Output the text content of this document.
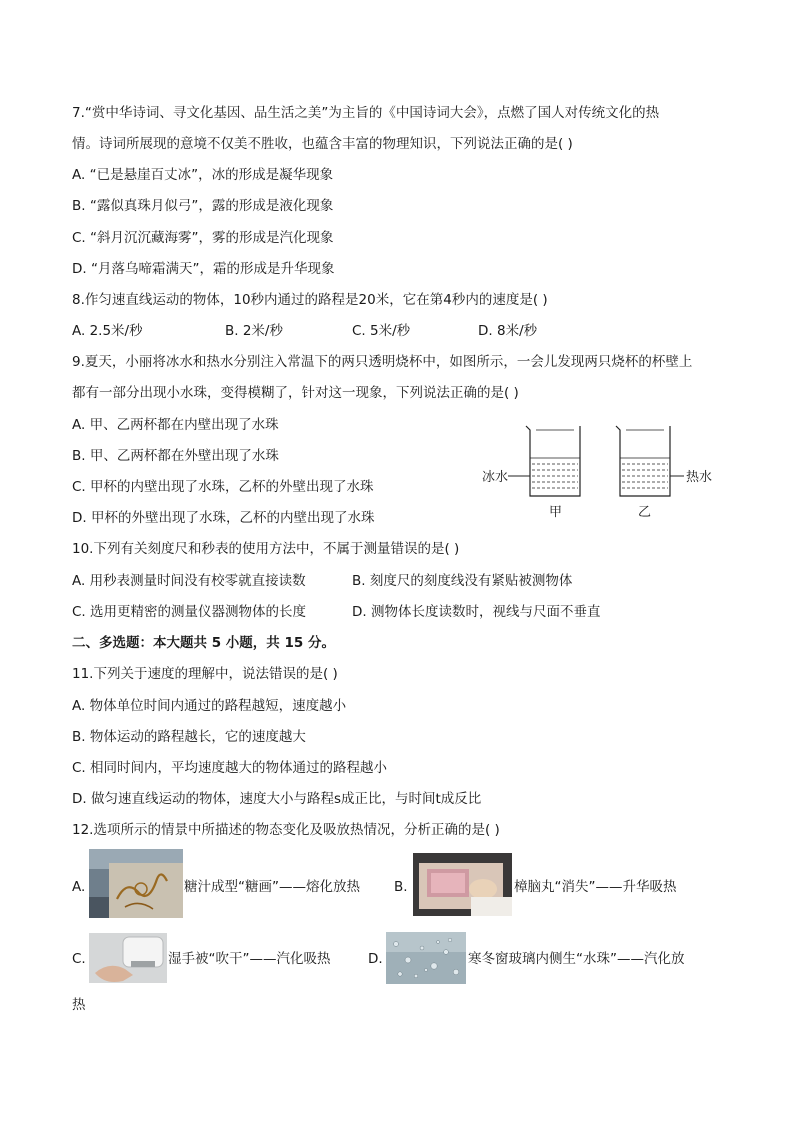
7.“赏中华诗词、寻文化基因、品生活之美”为主旨的《中国诗词大会》，点燃了国人对传统文化的热
情。诗词所展现的意境不仅美不胜收，也蕴含丰富的物理知识，下列说法正确的是( )
A. “已是悬崖百丈冰”，冰的形成是凝华现象
B. “露似真珠月似弓”，露的形成是液化现象
C. “斜月沉沉藏海雾”，雾的形成是汽化现象
D. “月落乌啼霜满天”，霜的形成是升华现象
8.作匀速直线运动的物体，10秒内通过的路程是20米，它在第4秒内的速度是( )
A. 2.5米/秒	B. 2米/秒	C. 5米/秒	D. 8米/秒
9.夏天，小丽将冰水和热水分别注入常温下的两只透明烧杯中，如图所示，一会儿发现两只烧杯的杯壁上
都有一部分出现小水珠，变得模糊了，针对这一现象，下列说法正确的是( )
A. 甲、乙两杯都在内壁出现了水珠
B. 甲、乙两杯都在外壁出现了水珠
C. 甲杯的内壁出现了水珠，乙杯的外壁出现了水珠
D. 甲杯的外壁出现了水珠，乙杯的内壁出现了水珠
冰水
甲
热水
乙
10.下列有关刻度尺和秒表的使用方法中，不属于测量错误的是( )
A. 用秒表测量时间没有校零就直接读数	B. 刻度尺的刻度线没有紧贴被测物体
C. 选用更精密的测量仪器测物体的长度	D. 测物体长度读数时，视线与尺面不垂直
二、多选题：本大题共 5 小题，共 15 分。
11.下列关于速度的理解中，说法错误的是( )
A. 物体单位时间内通过的路程越短，速度越小
B. 物体运动的路程越长，它的速度越大
C. 相同时间内，平均速度越大的物体通过的路程越小
D. 做匀速直线运动的物体，速度大小与路程s成正比，与时间t成反比
12.选项所示的情景中所描述的物态变化及吸放热情况，分析正确的是( )
A.	糖汁成型“糖画”——熔化放热	B.	樟脑丸“消失”——升华吸热
C.	湿手被“吹干”——汽化吸热	D.	寒冬窗玻璃内侧生“水珠”——汽化放
热
